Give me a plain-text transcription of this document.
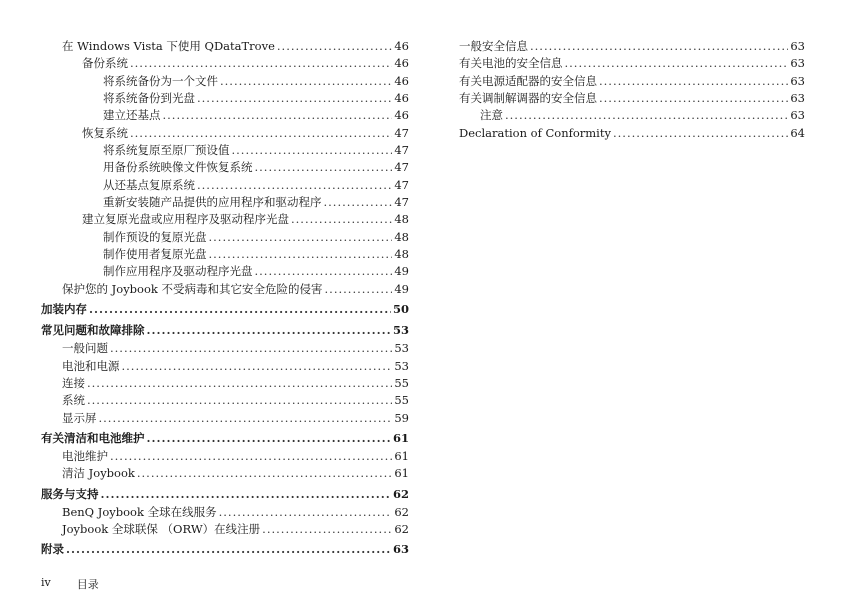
在 Windows Vista 下使用 QDataTrove .....	46
备份系统 .....	46
将系统备份为一个文件 .....	46
将系统备份到光盘 .....	46
建立还基点 .....	46
恢复系统 .....	47
将系统复原至原厂预设值 .....	47
用备份系统映像文件恢复系统 .....	47
从还基点复原系统 .....	47
重新安装随产品提供的应用程序和驱动程序 .....	47
建立复原光盘或应用程序及驱动程序光盘 .....	48
制作预设的复原光盘 .....	48
制作使用者复原光盘 .....	48
制作应用程序及驱动程序光盘 .....	49
保护您的 Joybook 不受病毒和其它安全危险的侵害 .....	49
加装内存 .....	50
常见问题和故障排除 .....	53
一般问题 .....	53
电池和电源 .....	53
连接 .....	55
系统 .....	55
显示屏 .....	59
有关清洁和电池维护 .....	61
电池维护 .....	61
清洁 Joybook .....	61
服务与支持 .....	62
BenQ Joybook 全球在线服务 .....	62
Joybook 全球联保 （ORW）在线注册 .....	62
附录 .....	63
一般安全信息 .....	63
有关电池的安全信息 .....	63
有关电源适配器的安全信息 .....	63
有关调制解调器的安全信息 .....	63
注意 .....	63
Declaration of Conformity .....	64
iv 目录
